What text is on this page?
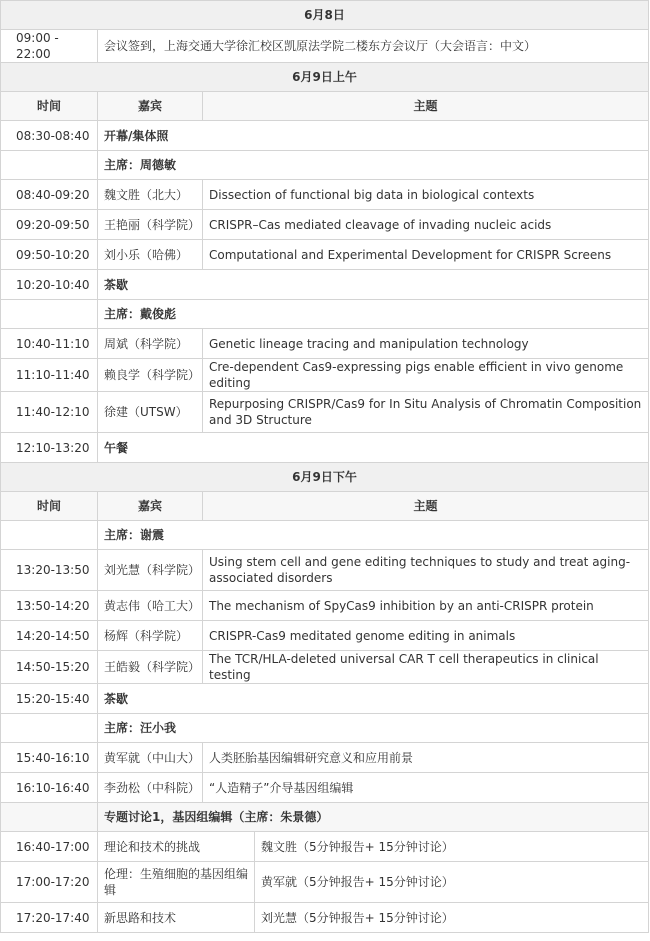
6月8日			
09:00 - 22:00	会议签到，上海交通大学徐汇校区凯原法学院二楼东方会议厅（大会语言：中文）		
6月9日上午			
时间	嘉宾	主题	
08:30-08:40	开幕/集体照		
	主席：周德敏		
08:40-09:20	魏文胜（北大）	Dissection of functional big data in biological contexts	
09:20-09:50	王艳丽（科学院）	CRISPR–Cas mediated cleavage of invading nucleic acids	
09:50-10:20	刘小乐（哈佛）	Computational and Experimental Development for CRISPR Screens	
10:20-10:40	茶歇		
	主席：戴俊彪		
10:40-11:10	周斌（科学院）	Genetic lineage tracing and manipulation technology	
11:10-11:40	赖良学（科学院）	Cre-dependent Cas9-expressing pigs enable efficient in vivo genome editing	
11:40-12:10	徐建（UTSW）	Repurposing CRISPR/Cas9 for In Situ Analysis of Chromatin Composition and 3D Structure	
12:10-13:20	午餐		
6月9日下午			
时间	嘉宾	主题	
	主席：谢震		
13:20-13:50	刘光慧（科学院）	Using stem cell and gene editing techniques to study and treat aging-associated disorders	
13:50-14:20	黄志伟（哈工大）	The mechanism of SpyCas9 inhibition by an anti-CRISPR protein	
14:20-14:50	杨辉（科学院）	CRISPR-Cas9 meditated genome editing in animals	
14:50-15:20	王皓毅（科学院）	The TCR/HLA-deleted universal CAR T cell therapeutics in clinical testing	
15:20-15:40	茶歇		
	主席：汪小我		
15:40-16:10	黄军就（中山大）	人类胚胎基因编辑研究意义和应用前景	
16:10-16:40	李劲松（中科院）	“人造精子”介导基因组编辑	
	专题讨论1，基因组编辑（主席：朱景德）		
16:40-17:00	理论和技术的挑战		魏文胜（5分钟报告+ 15分钟讨论）
17:00-17:20	伦理：生殖细胞的基因组编辑		黄军就（5分钟报告+ 15分钟讨论）
17:20-17:40	新思路和技术		刘光慧（5分钟报告+ 15分钟讨论）
